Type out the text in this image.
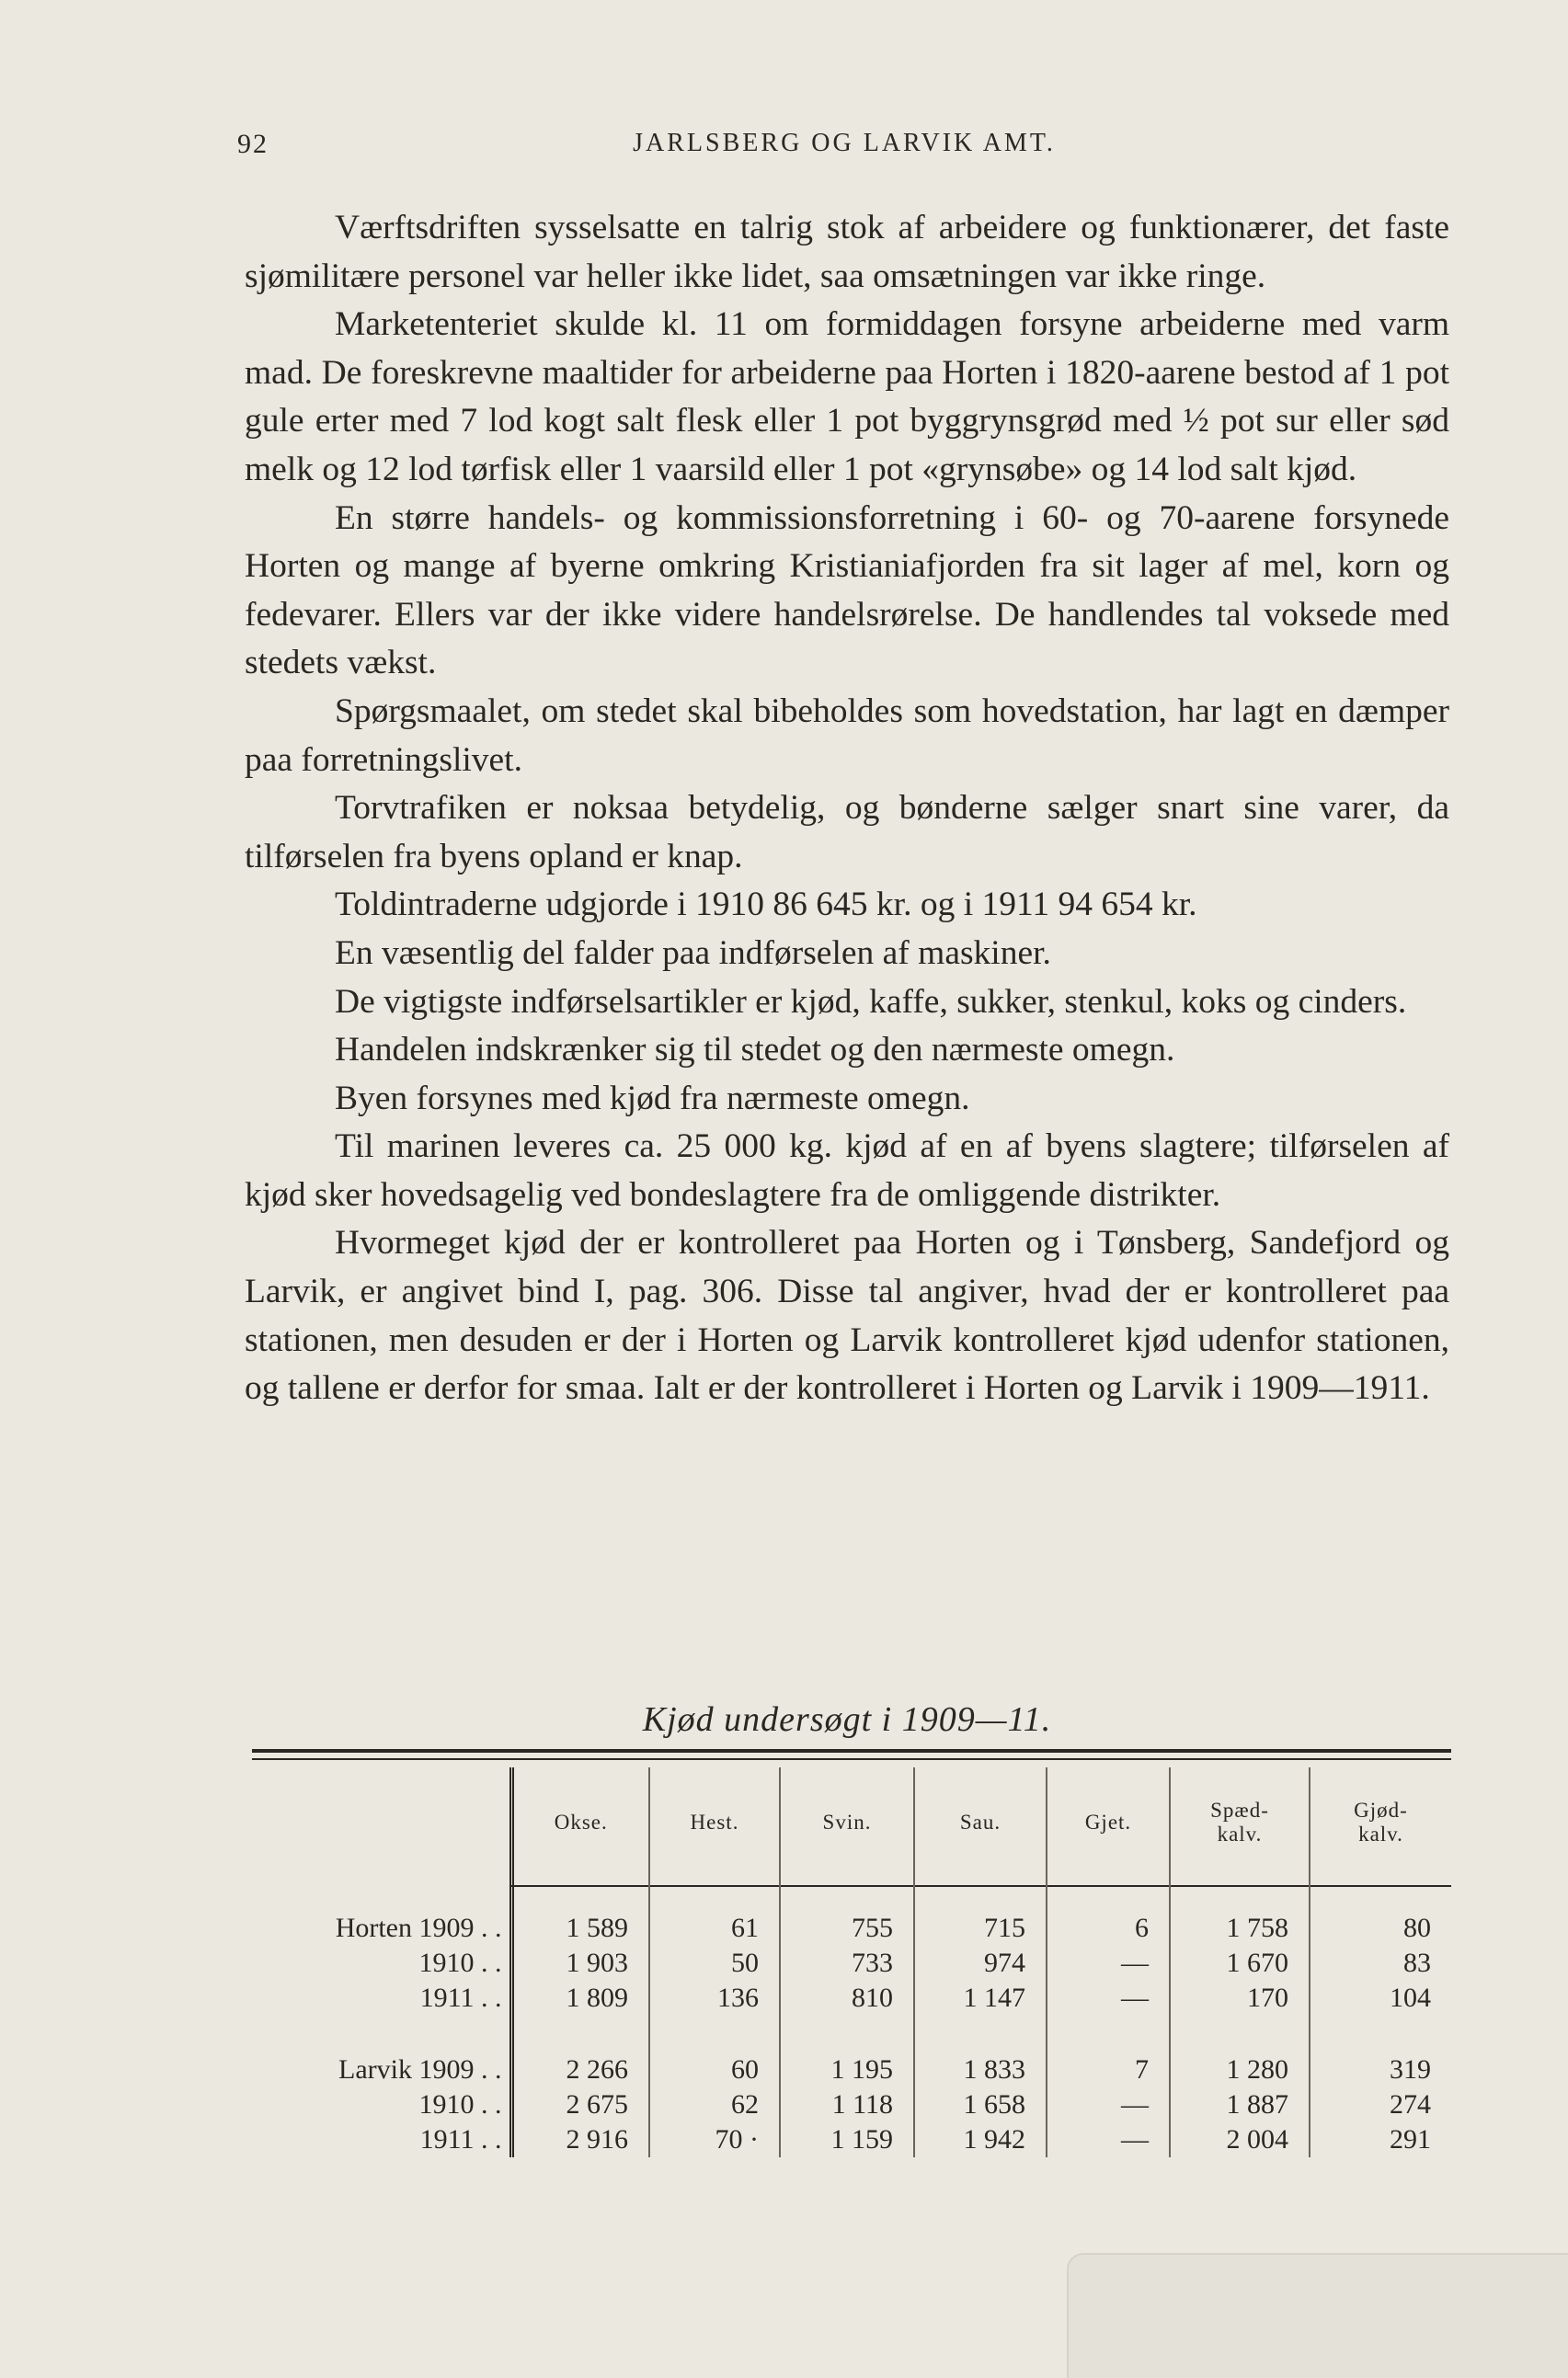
92	JARLSBERG OG LARVIK AMT.

Værftsdriften sysselsatte en talrig stok af arbeidere og funktionærer, det faste sjømilitære personel var heller ikke lidet, saa omsætningen var ikke ringe.

Marketenteriet skulde kl. 11 om formiddagen forsyne arbeiderne med varm mad. De foreskrevne maaltider for arbeiderne paa Horten i 1820-aarene bestod af 1 pot gule erter med 7 lod kogt salt flesk eller 1 pot byggrynsgrød med ½ pot sur eller sød melk og 12 lod tørfisk eller 1 vaarsild eller 1 pot «grynsøbe» og 14 lod salt kjød.

En større handels- og kommissionsforretning i 60- og 70-aarene forsynede Horten og mange af byerne omkring Kristianiafjorden fra sit lager af mel, korn og fedevarer. Ellers var der ikke videre handelsrørelse. De handlendes tal voksede med stedets vækst.

Spørgsmaalet, om stedet skal bibeholdes som hovedstation, har lagt en dæmper paa forretningslivet.

Torvtrafiken er noksaa betydelig, og bønderne sælger snart sine varer, da tilførselen fra byens opland er knap.

Toldintraderne udgjorde i 1910 86 645 kr. og i 1911 94 654 kr.

En væsentlig del falder paa indførselen af maskiner.

De vigtigste indførselsartikler er kjød, kaffe, sukker, stenkul, koks og cinders.

Handelen indskrænker sig til stedet og den nærmeste omegn.

Byen forsynes med kjød fra nærmeste omegn.

Til marinen leveres ca. 25 000 kg. kjød af en af byens slagtere; tilførselen af kjød sker hovedsagelig ved bondeslagtere fra de omliggende distrikter.

Hvormeget kjød der er kontrolleret paa Horten og i Tønsberg, Sandefjord og Larvik, er angivet bind I, pag. 306. Disse tal angiver, hvad der er kontrolleret paa stationen, men desuden er der i Horten og Larvik kontrolleret kjød udenfor stationen, og tallene er derfor for smaa. Ialt er der kontrolleret i Horten og Larvik i 1909—1911.

Kjød undersøgt i 1909—11.
	Okse.	Hest.	Svin.	Sau.	Gjet.	Spæd-
kalv.	Gjød-
kalv.

Horten 1909 . .	1 589	61	755	715	6	1 758	80
1910 . .	1 903	50	733	974	—	1 670	83
1911 . .	1 809	136	810	1 147	—	170	104

Larvik 1909 . .	2 266	60	1 195	1 833	7	1 280	319
1910 . .	2 675	62	1 118	1 658	—	1 887	274
1911 . .	2 916	70 ·	1 159	1 942	—	2 004	291
